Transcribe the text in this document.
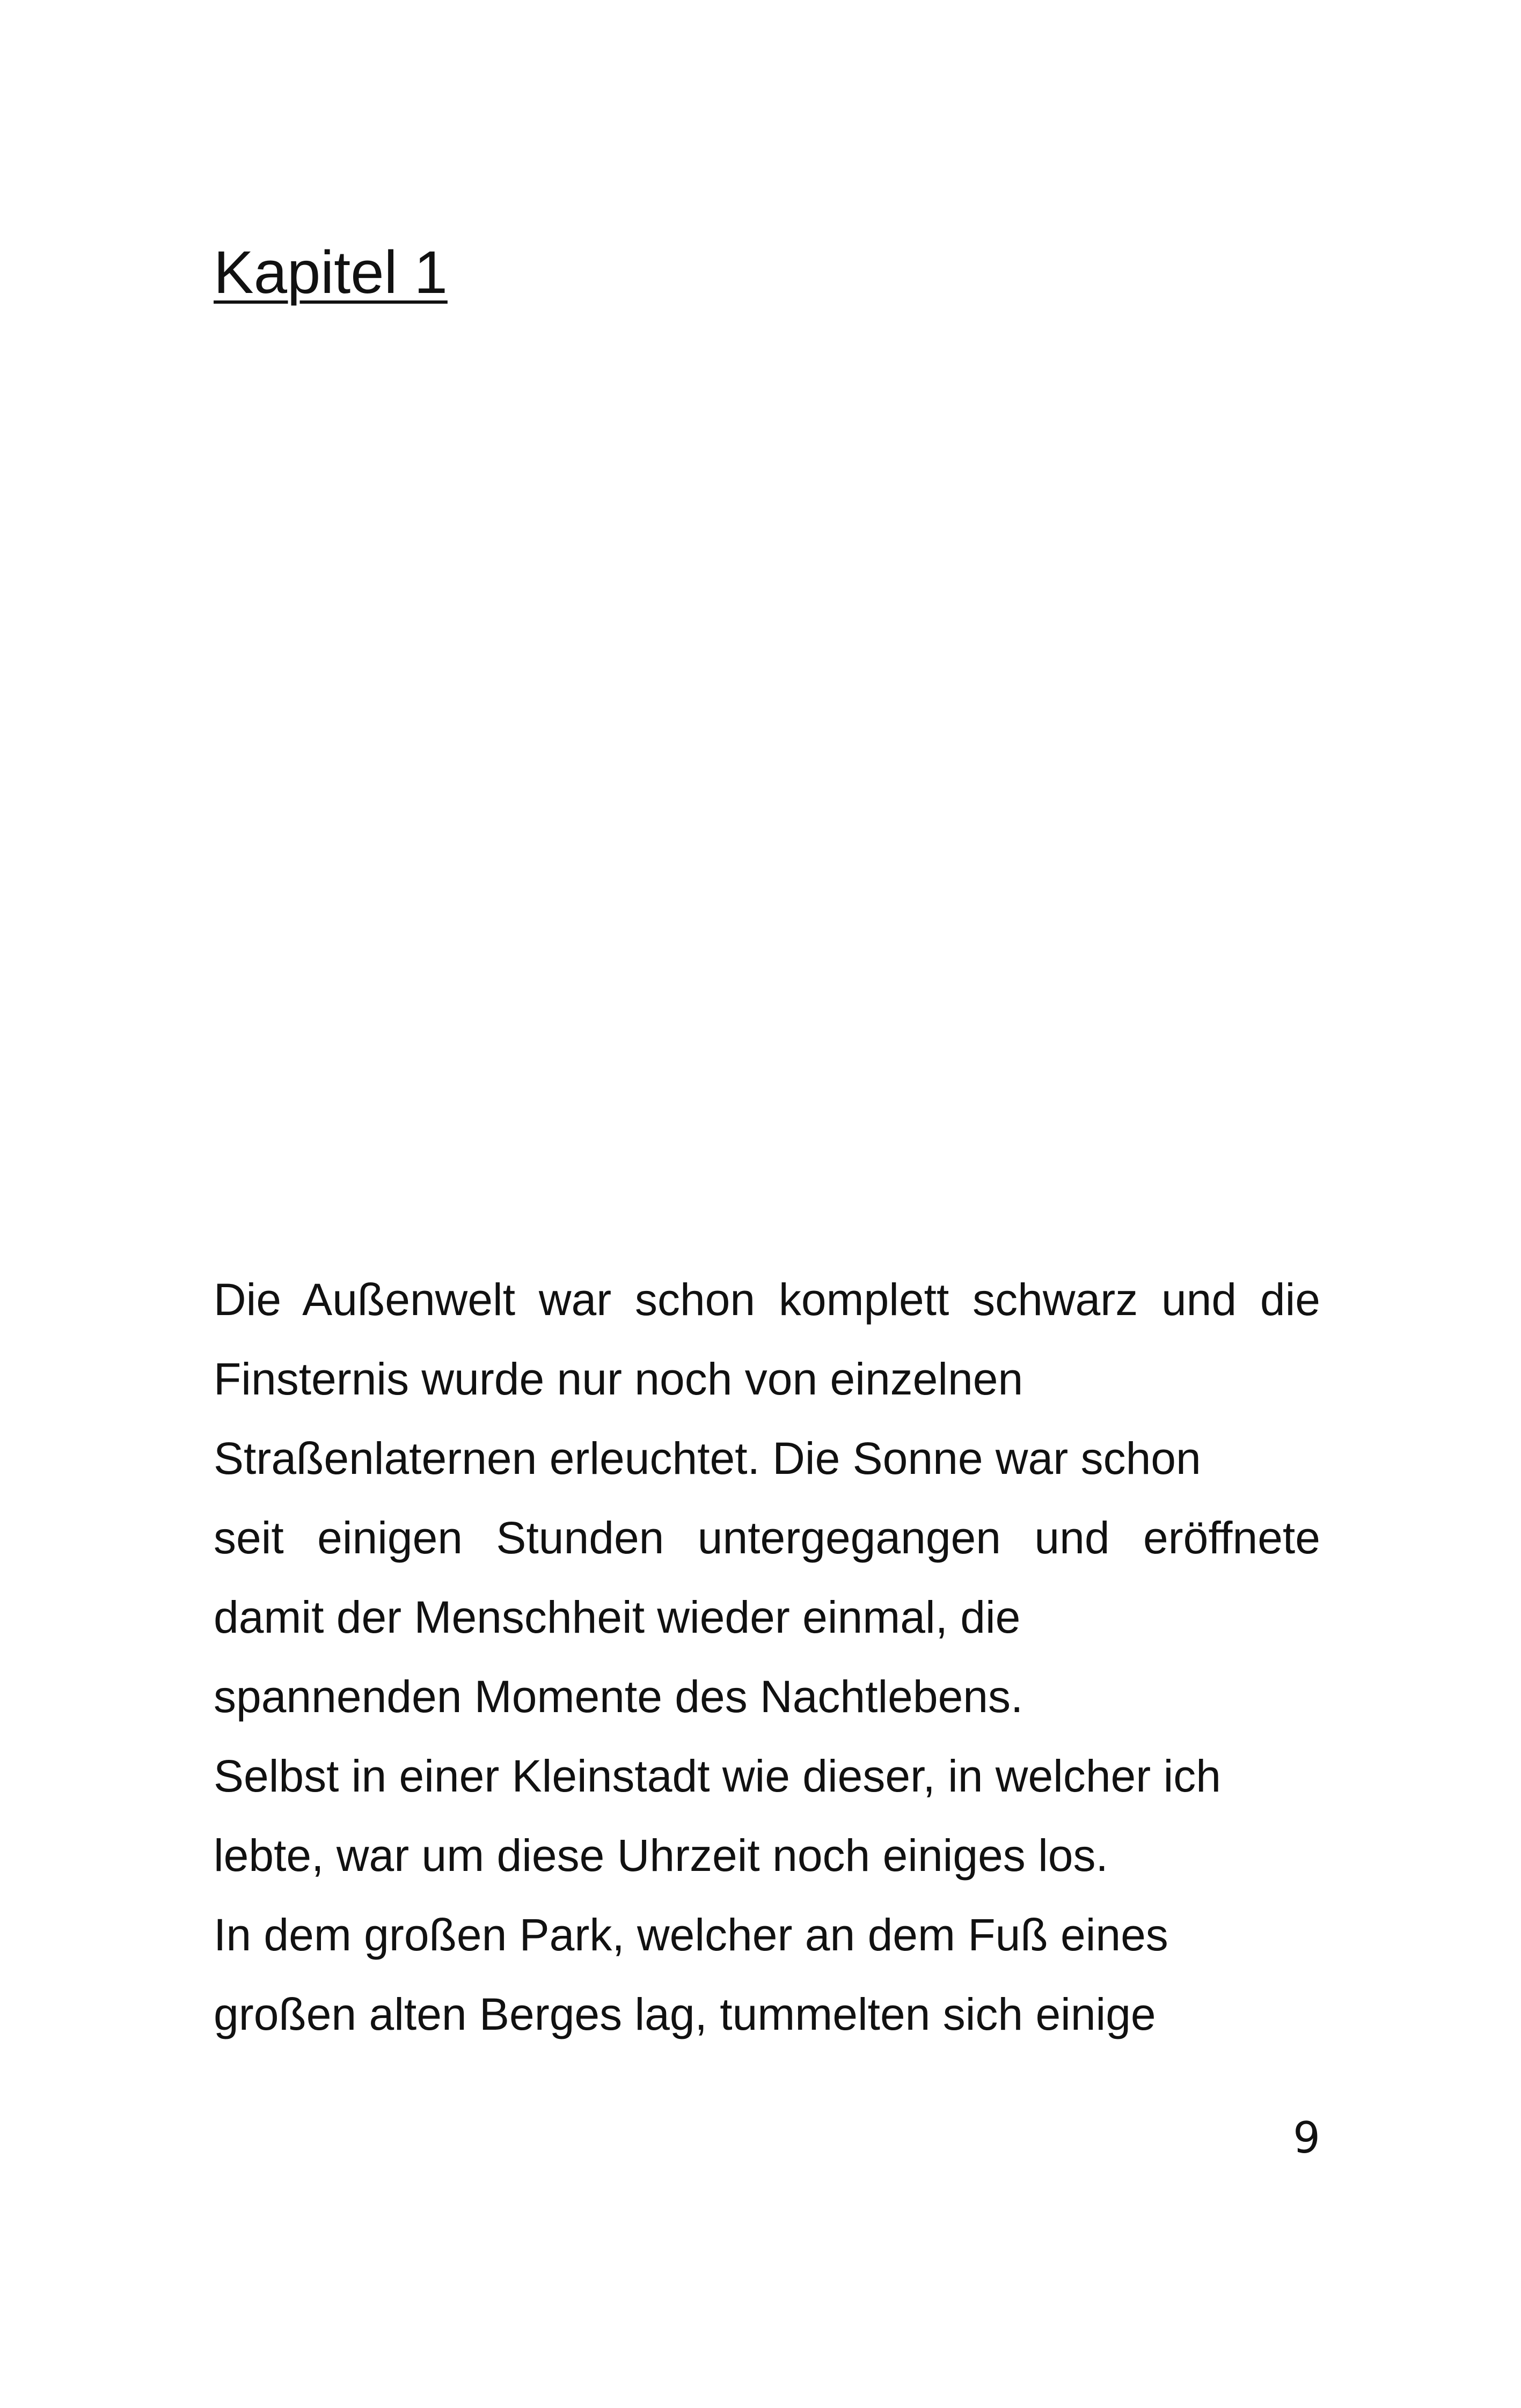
Kapitel 1
Die Außenwelt war schon komplett schwarz und die
Finsternis wurde nur noch von einzelnen
Straßenlaternen erleuchtet. Die Sonne war schon
seit einigen Stunden untergegangen und eröffnete
damit der Menschheit wieder einmal, die
spannenden Momente des Nachtlebens.
Selbst in einer Kleinstadt wie dieser, in welcher ich
lebte, war um diese Uhrzeit noch einiges los.
In dem großen Park, welcher an dem Fuß eines
großen alten Berges lag, tummelten sich einige

9
